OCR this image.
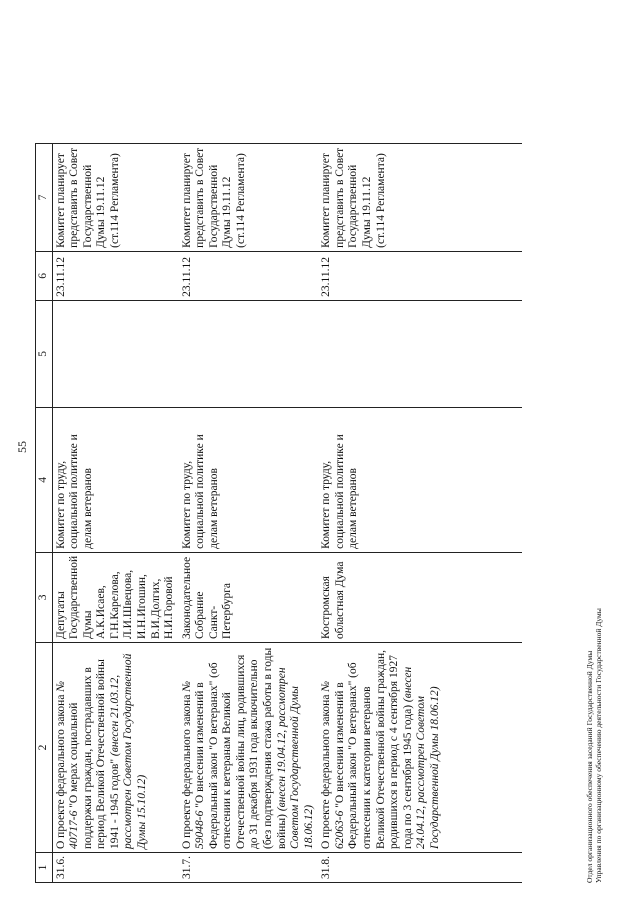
55
1	2	3	4	5	6	7
31.6.	О проекте федерального закона № 40717-6 "О мерах социальной поддержки граждан, пострадавших в период Великой Отечественной войны 1941 - 1945 годов" (внесен 21.03.12, рассмотрен Советом Государственной Думы 15.10.12)	Депутаты Государственной Думы А.К.Исаев, Г.Н.Карелова, Л.И.Швецова, И.Н.Игошин, В.И.Долгих, Н.И.Горовой	Комитет по труду, социальной политике и делам ветеранов		23.11.12	Комитет планирует представить в Совет Государственной Думы 19.11.12 (ст.114 Регламента)
31.7.	О проекте федерального закона № 59048-6 "О внесении изменений в Федеральный закон "О ветеранах" (об отнесении к ветеранам Великой Отечественной войны лиц, родившихся до 31 декабря 1931 года включительно (без подтверждения стажа работы в годы войны) (внесен 19.04.12, рассмотрен Советом Государственной Думы 18.06.12)	Законодательное Собрание Санкт-Петербурга	Комитет по труду, социальной политике и делам ветеранов		23.11.12	Комитет планирует представить в Совет Государственной Думы 19.11.12 (ст.114 Регламента)
31.8.	О проекте федерального закона № 62063-6 "О внесении изменений в Федеральный закон "О ветеранах" (об отнесении к категории ветеранов Великой Отечественной войны граждан, родившихся в период с 4 сентября 1927 года по 3 сентября 1945 года) (внесен 24.04.12, рассмотрен Советом Государственной Думы 18.06.12)	Костромская областная Дума	Комитет по труду, социальной политике и делам ветеранов		23.11.12	Комитет планирует представить в Совет Государственной Думы 19.11.12 (ст.114 Регламента)
Отдел организационного обеспечения заседаний Государственной Думы Управления по организационному обеспечению деятельности Государственной Думы
